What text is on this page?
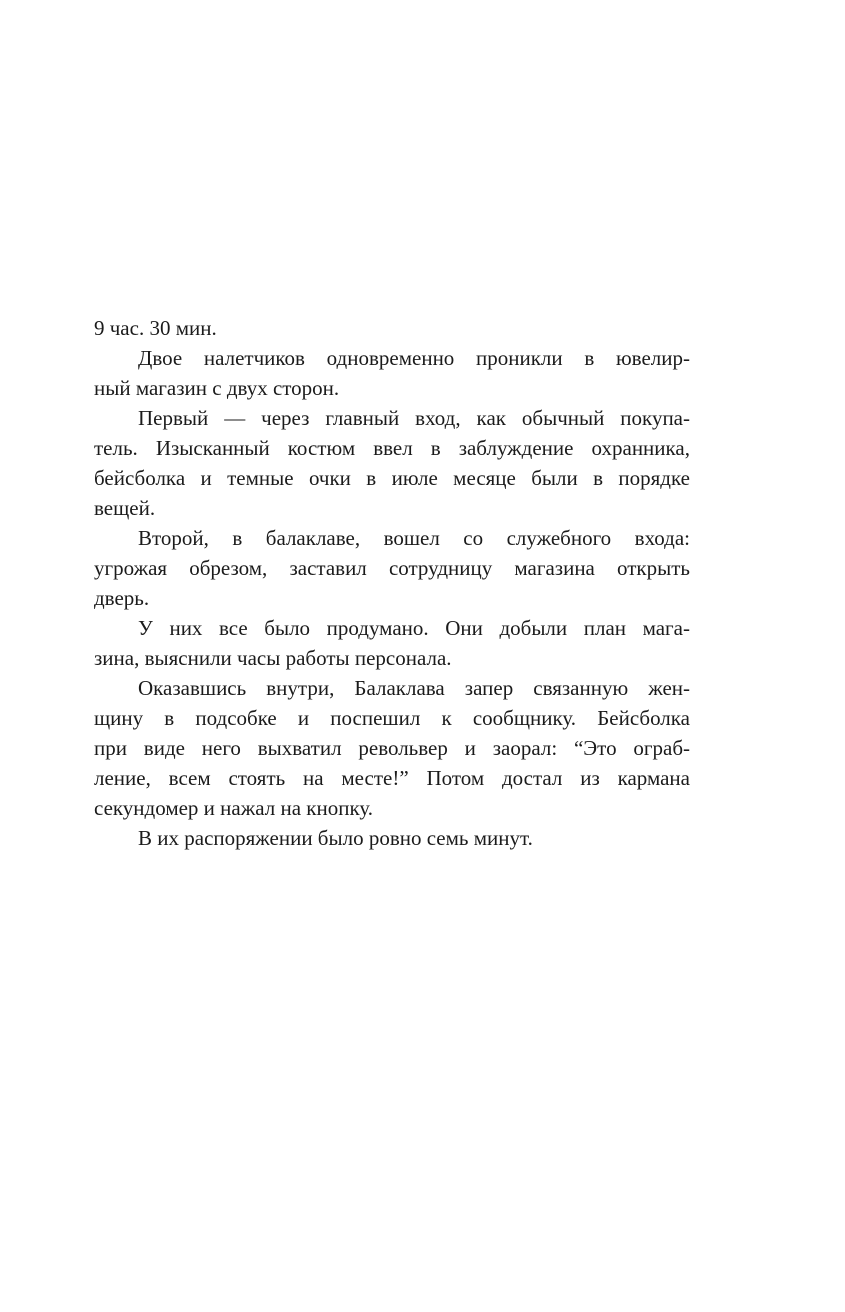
9 час. 30 мин.
Двое налетчиков одновременно проникли в ювелир-
ный магазин с двух сторон.
Первый — через главный вход, как обычный покупа-
тель. Изысканный костюм ввел в заблуждение охранника,
бейсболка и темные очки в июле месяце были в порядке
вещей.
Второй, в балаклаве, вошел со служебного входа:
угрожая обрезом, заставил сотрудницу магазина открыть
дверь.
У них все было продумано. Они добыли план мага-
зина, выяснили часы работы персонала.
Оказавшись внутри, Балаклава запер связанную жен-
щину в подсобке и поспешил к сообщнику. Бейсболка
при виде него выхватил револьвер и заорал: “Это ограб-
ление, всем стоять на месте!” Потом достал из кармана
секундомер и нажал на кнопку.
В их распоряжении было ровно семь минут.
